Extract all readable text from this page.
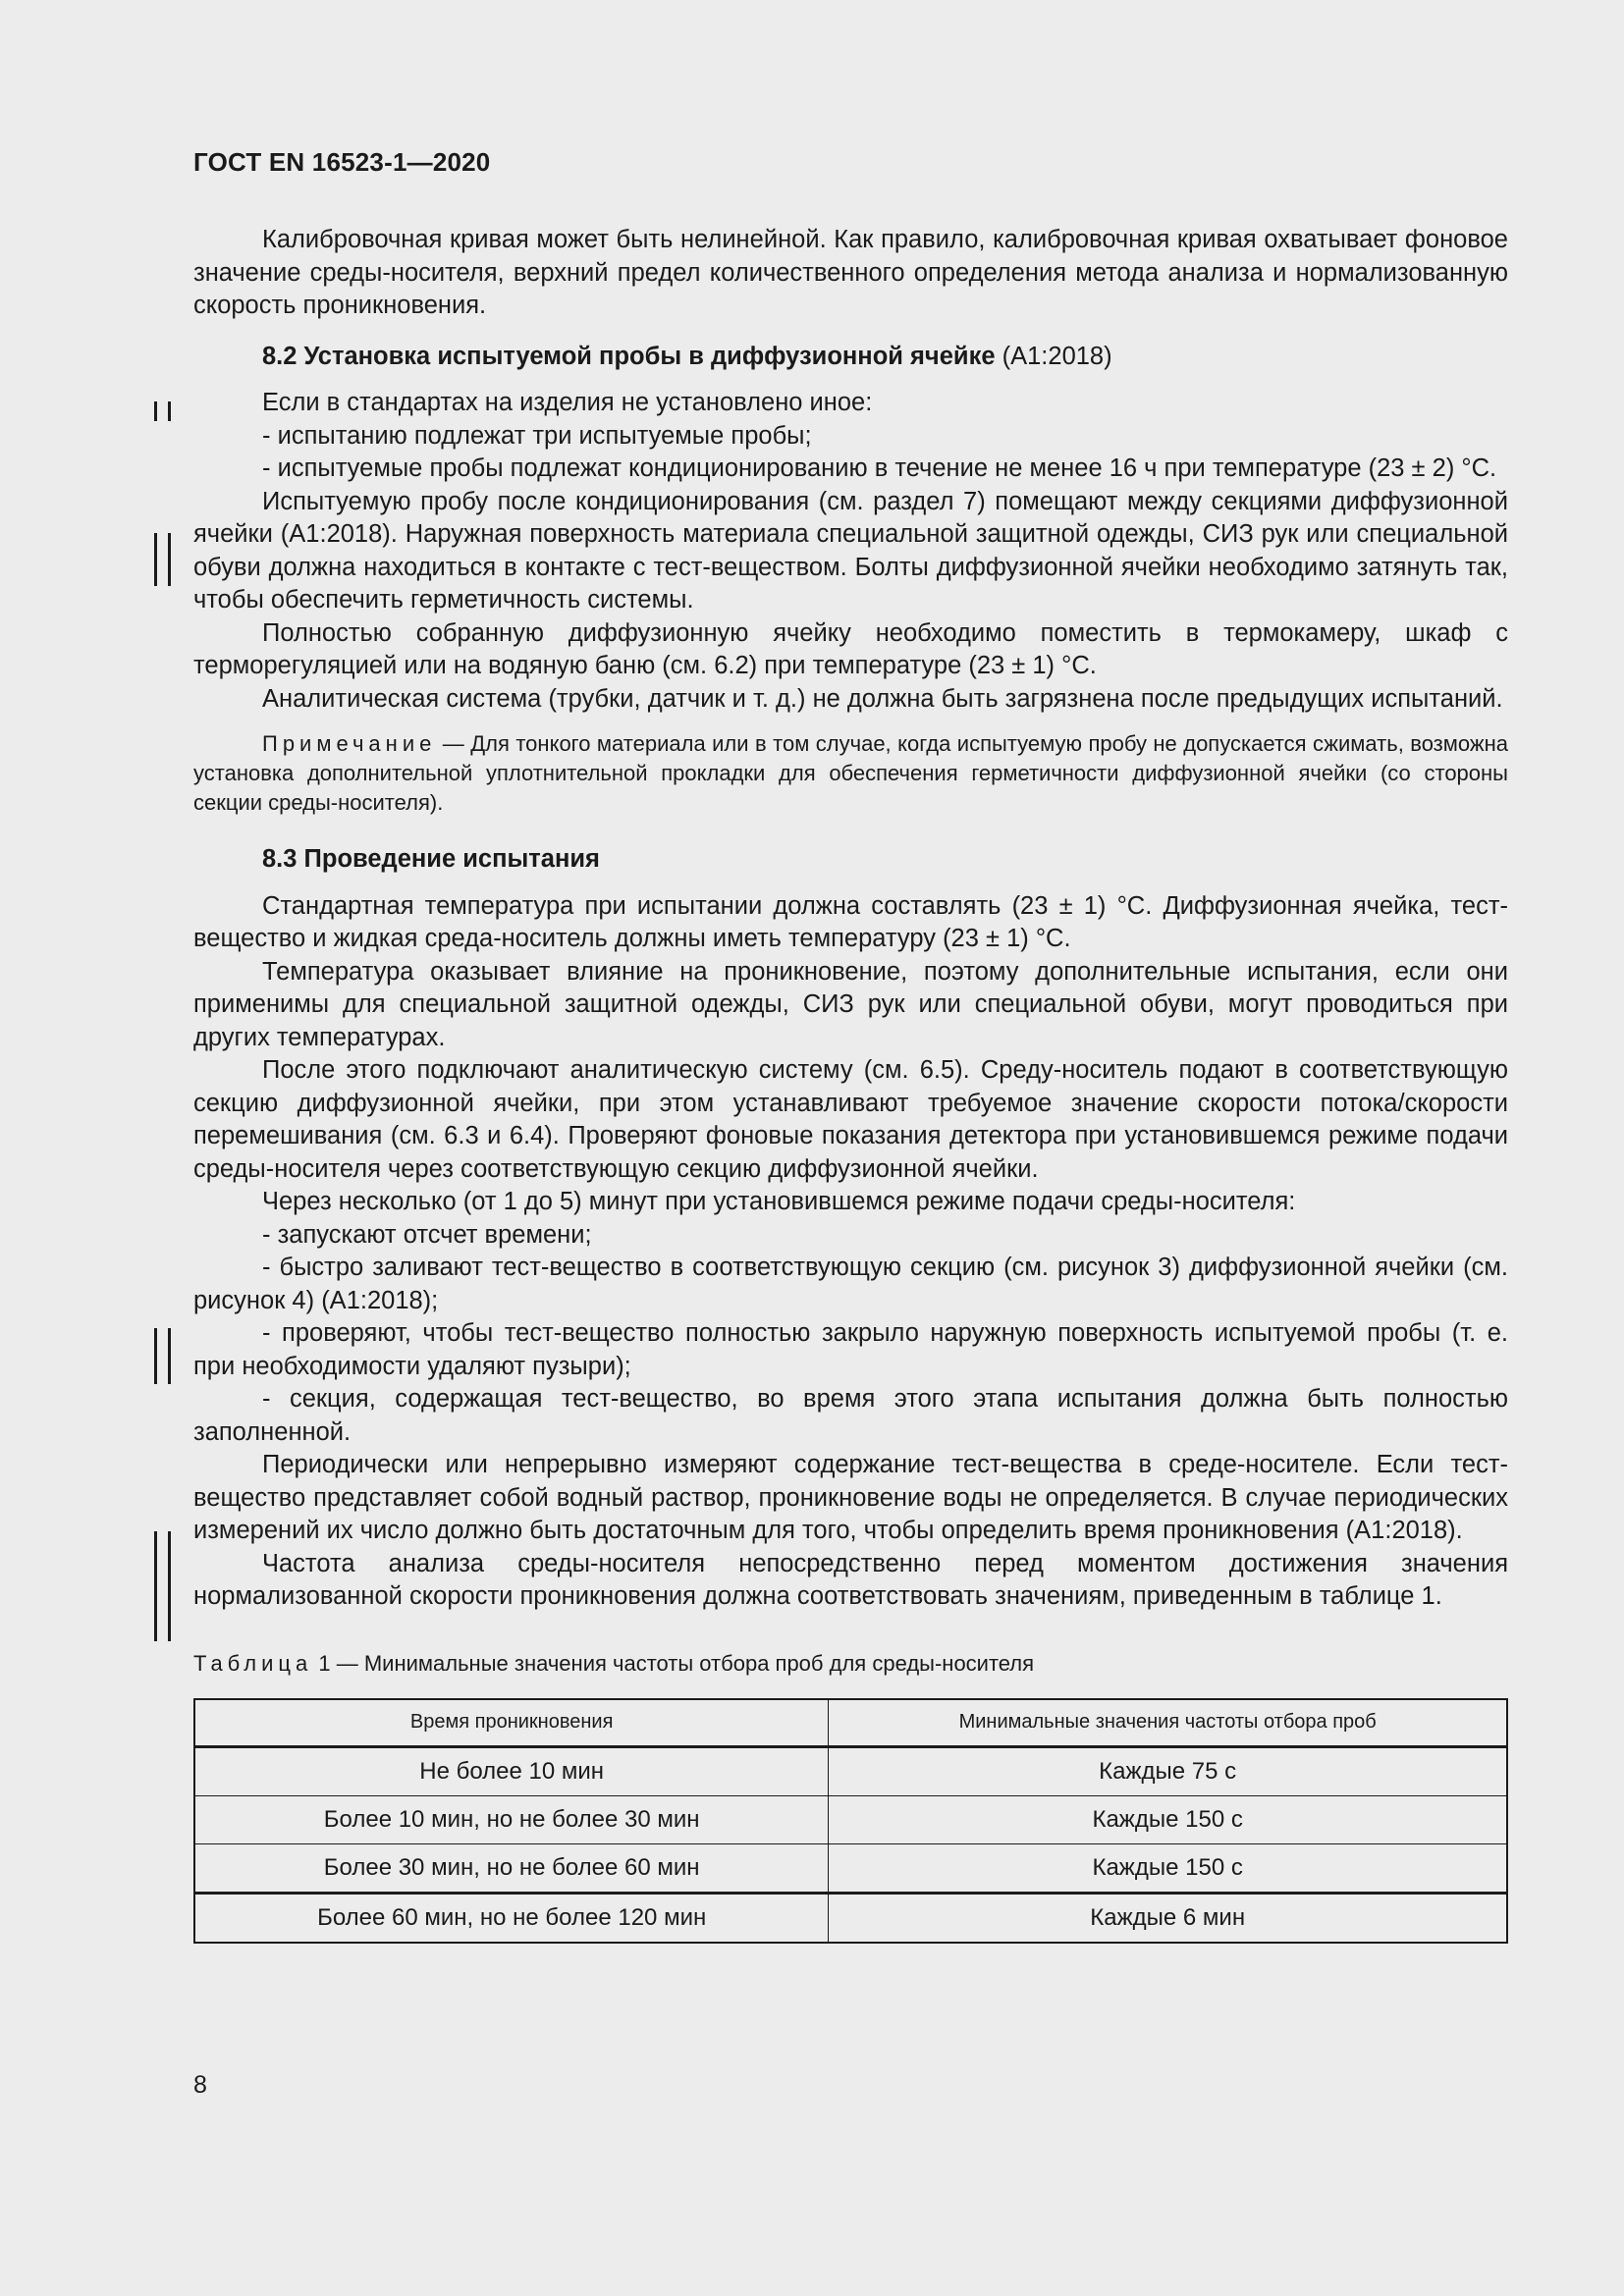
ГОСТ EN 16523-1—2020

Калибровочная кривая может быть нелинейной. Как правило, калибровочная кривая охватывает фоновое значение среды-носителя, верхний предел количественного определения метода анализа и нормализованную скорость проникновения.

8.2 Установка испытуемой пробы в диффузионной ячейке (А1:2018)

Если в стандартах на изделия не установлено иное:

- испытанию подлежат три испытуемые пробы;

- испытуемые пробы подлежат кондиционированию в течение не менее 16 ч при температуре (23 ± 2) °С.

Испытуемую пробу после кондиционирования (см. раздел 7) помещают между секциями диффузионной ячейки (А1:2018). Наружная поверхность материала специальной защитной одежды, СИЗ рук или специальной обуви должна находиться в контакте с тест-веществом. Болты диффузионной ячейки необходимо затянуть так, чтобы обеспечить герметичность системы.

Полностью собранную диффузионную ячейку необходимо поместить в термокамеру, шкаф с терморегуляцией или на водяную баню (см. 6.2) при температуре (23 ± 1) °С.

Аналитическая система (трубки, датчик и т. д.) не должна быть загрязнена после предыдущих испытаний.

Примечание — Для тонкого материала или в том случае, когда испытуемую пробу не допускается сжимать, возможна установка дополнительной уплотнительной прокладки для обеспечения герметичности диффузионной ячейки (со стороны секции среды-носителя).

8.3 Проведение испытания

Стандартная температура при испытании должна составлять (23 ± 1) °С. Диффузионная ячейка, тест-вещество и жидкая среда-носитель должны иметь температуру (23 ± 1) °С.

Температура оказывает влияние на проникновение, поэтому дополнительные испытания, если они применимы для специальной защитной одежды, СИЗ рук или специальной обуви, могут проводиться при других температурах.

После этого подключают аналитическую систему (см. 6.5). Среду-носитель подают в соответствующую секцию диффузионной ячейки, при этом устанавливают требуемое значение скорости потока/скорости перемешивания (см. 6.3 и 6.4). Проверяют фоновые показания детектора при установившемся режиме подачи среды-носителя через соответствующую секцию диффузионной ячейки.

Через несколько (от 1 до 5) минут при установившемся режиме подачи среды-носителя:

- запускают отсчет времени;

- быстро заливают тест-вещество в соответствующую секцию (см. рисунок 3) диффузионной ячейки (см. рисунок 4) (А1:2018);

- проверяют, чтобы тест-вещество полностью закрыло наружную поверхность испытуемой пробы (т. е. при необходимости удаляют пузыри);

- секция, содержащая тест-вещество, во время этого этапа испытания должна быть полностью заполненной.

Периодически или непрерывно измеряют содержание тест-вещества в среде-носителе. Если тест-вещество представляет собой водный раствор, проникновение воды не определяется. В случае периодических измерений их число должно быть достаточным для того, чтобы определить время проникновения (А1:2018).

Частота анализа среды-носителя непосредственно перед моментом достижения значения нормализованной скорости проникновения должна соответствовать значениям, приведенным в таблице 1.

Таблица 1 — Минимальные значения частоты отбора проб для среды-носителя
Время проникновения	Минимальные значения частоты отбора проб
Не более 10 мин	Каждые 75 с
Более 10 мин, но не более 30 мин	Каждые 150 с
Более 30 мин, но не более 60 мин	Каждые 150 с
Более 60 мин, но не более 120 мин	Каждые 6 мин
8
